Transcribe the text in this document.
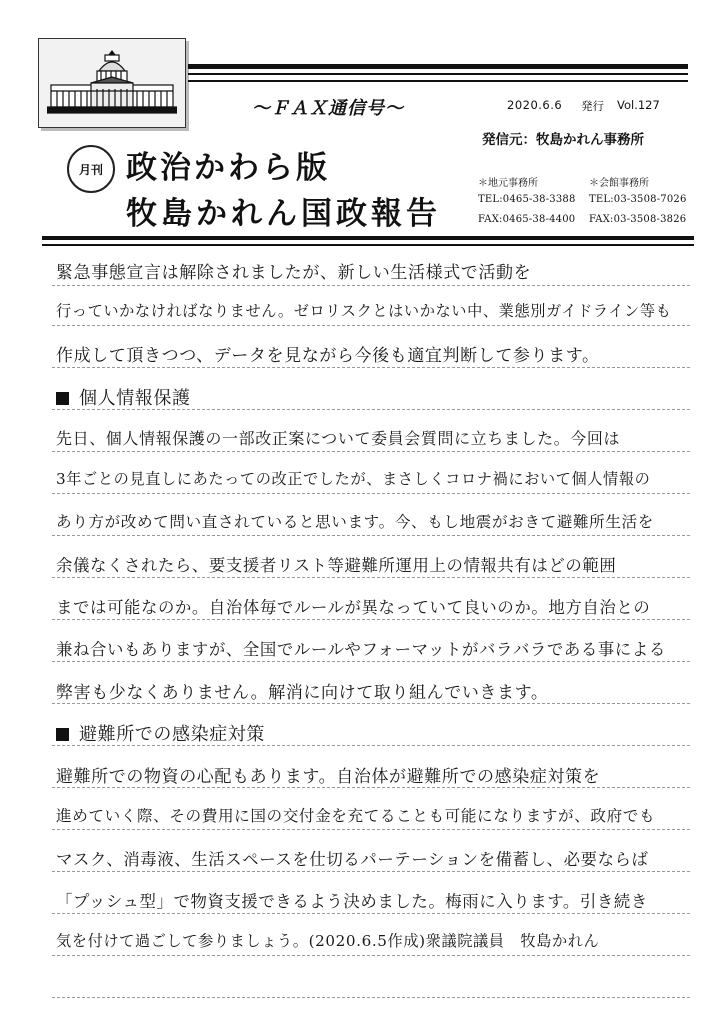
～ＦＡＸ通信号～	2020.6.6 発行 Vol.127
発信元：牧島かれん事務所
月刊 政治かわら版
牧島かれん国政報告
＊地元事務所
TEL:0465-38-3388
FAX:0465-38-4400
＊会館事務所
TEL:03-3508-7026
FAX:03-3508-3826
緊急事態宣言は解除されましたが、新しい生活様式で活動を
行っていかなければなりません。ゼロリスクとはいかない中、業態別ガイドライン等も
作成して頂きつつ、データを見ながら今後も適宜判断して参ります。
個人情報保護
先日、個人情報保護の一部改正案について委員会質問に立ちました。今回は
3年ごとの見直しにあたっての改正でしたが、まさしくコロナ禍において個人情報の
あり方が改めて問い直されていると思います。今、もし地震がおきて避難所生活を
余儀なくされたら、要支援者リスト等避難所運用上の情報共有はどの範囲
までは可能なのか。自治体毎でルールが異なっていて良いのか。地方自治との
兼ね合いもありますが、全国でルールやフォーマットがバラバラである事による
弊害も少なくありません。解消に向けて取り組んでいきます。
避難所での感染症対策
避難所での物資の心配もあります。自治体が避難所での感染症対策を
進めていく際、その費用に国の交付金を充てることも可能になりますが、政府でも
マスク、消毒液、生活スペースを仕切るパーテーションを備蓄し、必要ならば
「プッシュ型」で物資支援できるよう決めました。梅雨に入ります。引き続き
気を付けて過ごして参りましょう。(2020.6.5作成)衆議院議員　牧島かれん
